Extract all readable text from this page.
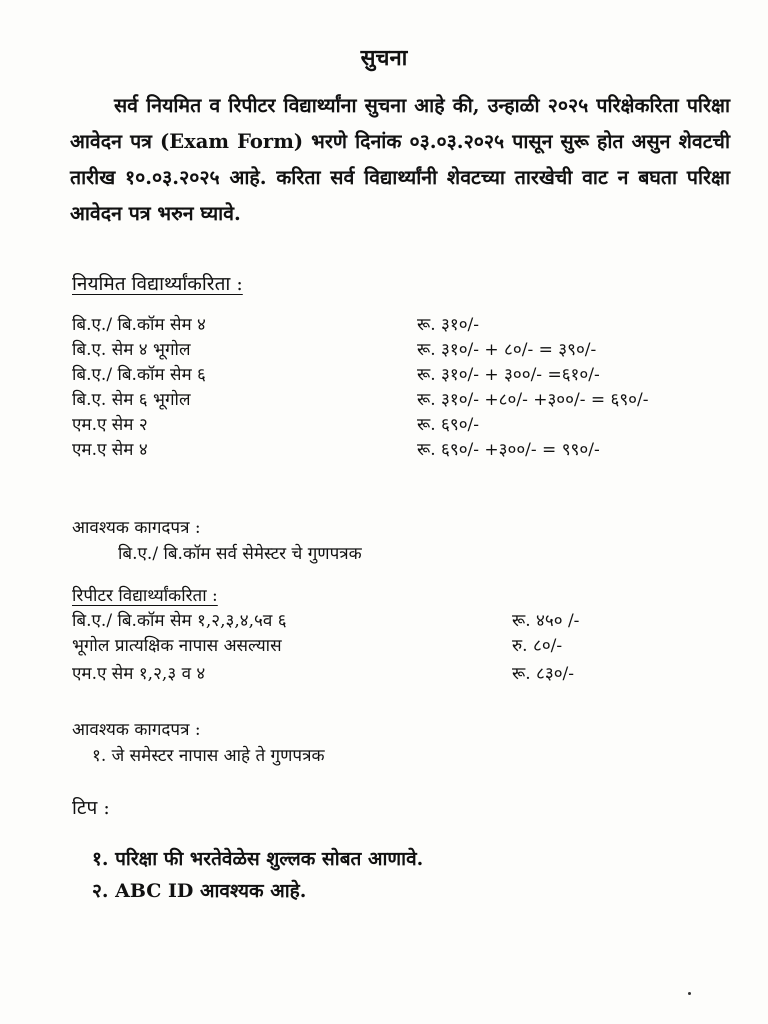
सुचना

सर्व नियमित व रिपीटर विद्यार्थ्यांना सुचना आहे की, उन्हाळी २०२५ परिक्षेकरिता परिक्षा आवेदन पत्र (Exam Form) भरणे दिनांक ०३.०३.२०२५ पासून सुरू होत असुन शेवटची तारीख १०.०३.२०२५ आहे. करिता सर्व विद्यार्थ्यांनी शेवटच्या तारखेची वाट न बघता परिक्षा आवेदन पत्र भरुन घ्यावे.

नियमित विद्यार्थ्यांकरिता :
बि.ए./ बि.कॉम सेम ४	रू. ३१०/-
बि.ए. सेम ४ भूगोल	रू. ३१०/- + ८०/- = ३९०/-
बि.ए./ बि.कॉम सेम ६	रू. ३१०/- + ३००/- =६१०/-
बि.ए. सेम ६ भूगोल	रू. ३१०/- +८०/- +३००/- = ६९०/-
एम.ए सेम २	रू. ६९०/-
एम.ए सेम ४	रू. ६९०/- +३००/- = ९९०/-
आवश्यक कागदपत्र :
बि.ए./ बि.कॉम सर्व सेमेस्टर चे गुणपत्रक
रिपीटर विद्यार्थ्यांकरिता :
बि.ए./ बि.कॉम सेम १,२,३,४,५व ६	रू. ४५० /-
भूगोल प्रात्यक्षिक नापास असल्यास	रु. ८०/-
एम.ए सेम १,२,३ व ४	रू. ८३०/-
आवश्यक कागदपत्र :
१. जे समेस्टर नापास आहे ते गुणपत्रक
टिप :
१. परिक्षा फी भरतेवेळेस शुल्लक सोबत आणावे.
२. ABC ID आवश्यक आहे.
